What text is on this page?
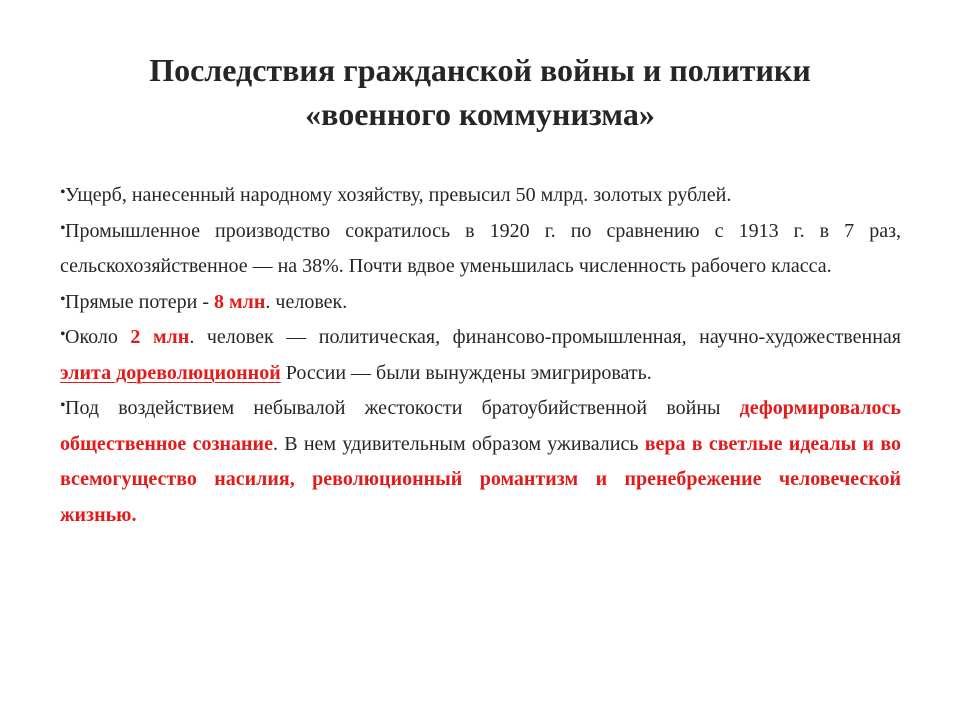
Последствия гражданской войны и политики
«военного коммунизма»

•Ущерб, нанесенный народному хозяйству, превысил 50 млрд. золотых рублей.

•Промышленное производство сократилось в 1920 г. по сравнению с 1913 г. в 7 раз, сельскохозяйственное — на 38%. Почти вдвое уменьшилась численность рабочего класса.

•Прямые потери - 8 млн. человек.

•Около 2 млн. человек — политическая, финансово-промышленная, научно-художественная элита дореволюционной России — были вынуждены эмигрировать.

•Под воздействием небывалой жестокости братоубийственной войны деформировалось общественное сознание. В нем удивительным образом уживались вера в светлые идеалы и во всемогущество насилия, революционный романтизм и пренебрежение человеческой жизнью.
